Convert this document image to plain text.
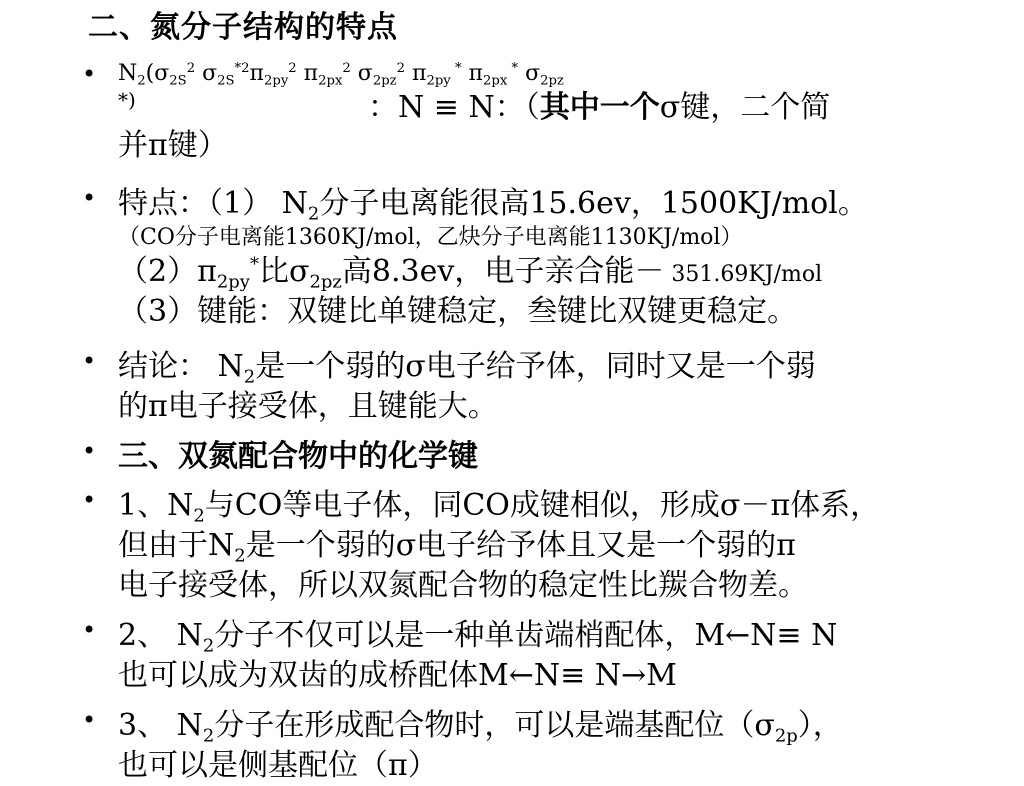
二、氮分子结构的特点
• $N_2(\sigma_{2S}^2$ $\sigma_{2S}^{*2}\pi_{2py}^2$ $\pi_{2px}^2$ $\sigma_{2pz}^2$ $\pi_{2py}$ * $\pi_{2px}$ * $\sigma_{2pz}$
*)	：N ≡ N：（其中一个σ键，二个简
并π键）
• 特点：（1） $N_2$分子电离能很高15.6ev，1500KJ/mol。
（CO分子电离能1360KJ/mol，乙炔分子电离能1130KJ/mol）
$(2)\pi_{2py}^*$比$\sigma_{2pz}$高8.3ev，电子亲合能－ 351.69KJ/mol
（3）键能：双键比单键稳定，叁键比双键更稳定。
• 结论： $N_2$是一个弱的σ电子给予体，同时又是一个弱
的π电子接受体，且键能大。
• 三、双氮配合物中的化学键
• 1、$N_2$与CO等电子体，同CO成键相似，形成σ－π体系，
但由于$N_2$是一个弱的σ电子给予体且又是一个弱的π
电子接受体，所以双氮配合物的稳定性比羰合物差。
• 2、 $N_2$分子不仅可以是一种单齿端梢配体，M←N≡ N
也可以成为双齿的成桥配体M←N≡ N→M
• 3、 $N_2$分子在形成配合物时，可以是端基配位$(\sigma_{2p})$，
也可以是侧基配位（π）
